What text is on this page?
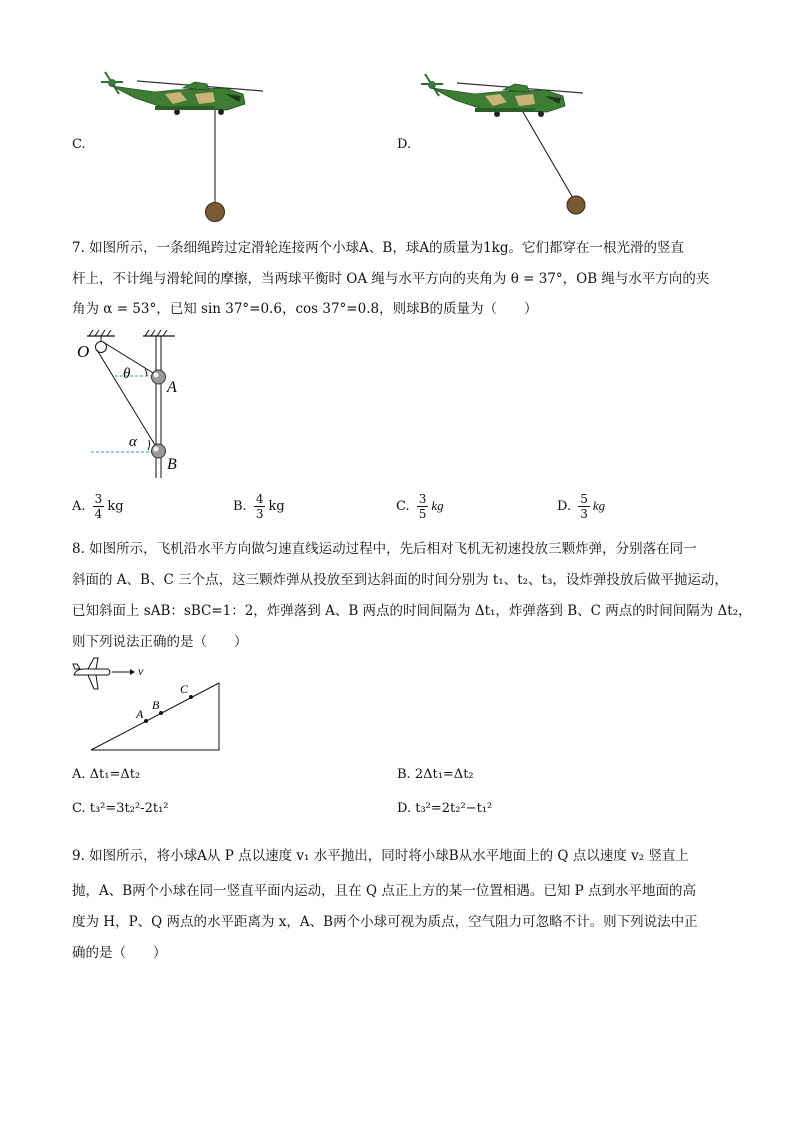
C.	D.
7. 如图所示，一条细绳跨过定滑轮连接两个小球A、B，球A的质量为1kg。它们都穿在一根光滑的竖直
杆上，不计绳与滑轮间的摩擦，当两球平衡时 OA 绳与水平方向的夹角为 θ = 37°，OB 绳与水平方向的夹
角为 α = 53°，已知 sin 37°=0.6，cos 37°=0.8，则球B的质量为（　　）
O
A
B
θ
α
A. $\frac{3}{4}$ kg	B. $\frac{4}{3}$ kg	C. $\frac{3}{5}$ kg	D. $\frac{5}{3}$ kg
8. 如图所示，飞机沿水平方向做匀速直线运动过程中，先后相对飞机无初速投放三颗炸弹，分别落在同一
斜面的 A、B、C 三个点，这三颗炸弹从投放至到达斜面的时间分别为 t₁、t₂、t₃，设炸弹投放后做平抛运动，
已知斜面上 sAB：sBC=1：2，炸弹落到 A、B 两点的时间间隔为 Δt₁，炸弹落到 B、C 两点的时间间隔为 Δt₂，
则下列说法正确的是（　　）
v
A
B
C
A. Δt₁=Δt₂	B. 2Δt₁=Δt₂
C. t₃²=3t₂²-2t₁²	D. t₃²=2t₂²−t₁²
9. 如图所示，将小球A从 P 点以速度 v₁ 水平抛出，同时将小球B从水平地面上的 Q 点以速度 v₂ 竖直上
抛，A、B两个小球在同一竖直平面内运动，且在 Q 点正上方的某一位置相遇。已知 P 点到水平地面的高
度为 H，P、Q 两点的水平距离为 x，A、B两个小球可视为质点，空气阻力可忽略不计。则下列说法中正
确的是（　　）
